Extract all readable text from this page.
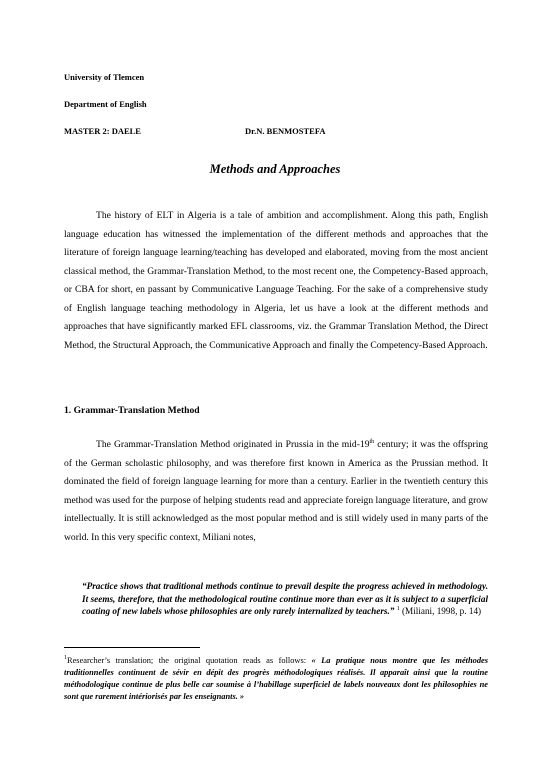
University of Tlemcen
Department of English
MASTER 2: DAELE	Dr.N. BENMOSTEFA
Methods and Approaches

The history of ELT in Algeria is a tale of ambition and accomplishment. Along this path, English language education has witnessed the implementation of the different methods and approaches that the literature of foreign language learning/teaching has developed and elaborated, moving from the most ancient classical method, the Grammar-Translation Method, to the most recent one, the Competency-Based approach, or CBA for short, en passant by Communicative Language Teaching. For the sake of a comprehensive study of English language teaching methodology in Algeria, let us have a look at the different methods and approaches that have significantly marked EFL classrooms, viz. the Grammar Translation Method, the Direct Method, the Structural Approach, the Communicative Approach and finally the Competency-Based Approach.

1. Grammar-Translation Method

The Grammar-Translation Method originated in Prussia in the mid-19th century; it was the offspring of the German scholastic philosophy, and was therefore first known in America as the Prussian method. It dominated the field of foreign language learning for more than a century. Earlier in the twentieth century this method was used for the purpose of helping students read and appreciate foreign language literature, and grow intellectually. It is still acknowledged as the most popular method and is still widely used in many parts of the world. In this very specific context, Miliani notes,

“Practice shows that traditional methods continue to prevail despite the progress achieved in methodology. It seems, therefore, that the methodological routine continue more than ever as it is subject to a superficial coating of new labels whose philosophies are only rarely internalized by teachers.” $^1$ (Miliani, 1998, p. 14)

$^1$Researcher’s translation; the original quotation reads as follows: « La pratique nous montre que les méthodes traditionnelles continuent de sévir en dépit des progrès méthodologiques réalisés. Il apparaît ainsi que la routine méthodologique continue de plus belle car soumise à l’habillage superficiel de labels nouveaux dont les philosophies ne sont que rarement intériorisés par les enseignants. »
